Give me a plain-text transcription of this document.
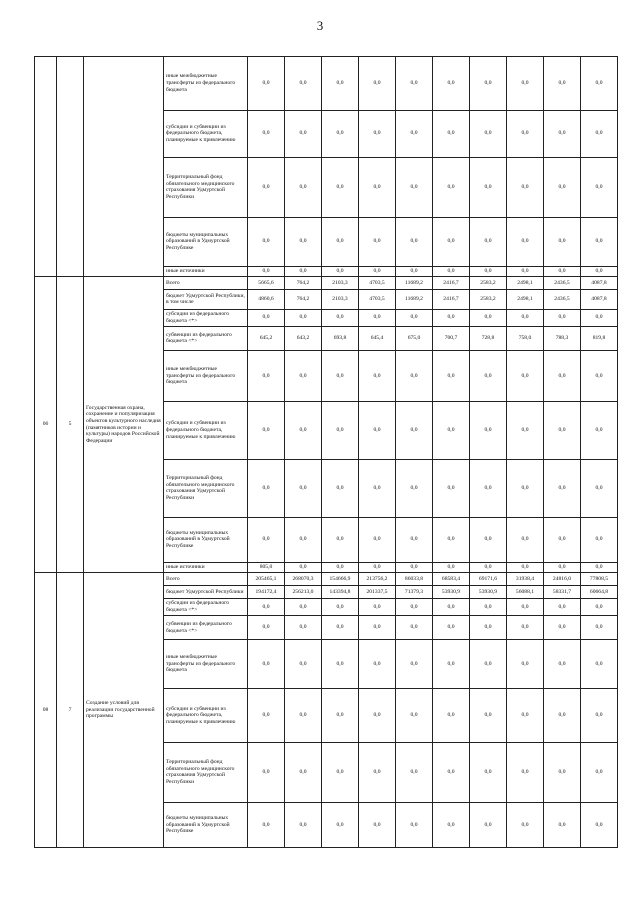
3
			иные межбюджетные трансферты из федерального бюджета	0,0	0,0	0,0	0,0	0,0	0,0	0,0	0,0	0,0	0,0
			субсидии и субвенции из федерального бюджета, планируемые к привлечению	0,0	0,0	0,0	0,0	0,0	0,0	0,0	0,0	0,0	0,0
			Территориальный фонд обязательного медицинского страхования Удмуртской Республики	0,0	0,0	0,0	0,0	0,0	0,0	0,0	0,0	0,0	0,0
			бюджеты муниципальных образований в Удмуртской Республике	0,0	0,0	0,0	0,0	0,0	0,0	0,0	0,0	0,0	0,0
			иные источники	0,0	0,0	0,0	0,0	0,0	0,0	0,0	0,0	0,0	0,0
06	5	Государственная охрана, сохранение и популяризация объектов культурного наследия (памятников истории и культуры) народов Российской Федерации	Всего	5665,6	764,2	2103,3	4703,5	11689,2	2416,7	2583,2	2498,1	2436,5	4087,8
			бюджет Удмуртской Республики, в том числе	4860,6	764,2	2103,3	4703,5	11689,2	2416,7	2583,2	2498,1	2436,5	4087,8
			субсидии из федерального бюджета <*>	0,0	0,0	0,0	0,0	0,0	0,0	0,0	0,0	0,0	0,0
			субвенции из федерального бюджета <*>	645,2	643,2	693,8	645,4	675,0	700,7	728,8	758,0	788,3	819,8
			иные межбюджетные трансферты из федерального бюджета	0,0	0,0	0,0	0,0	0,0	0,0	0,0	0,0	0,0	0,0
			субсидии и субвенции из федерального бюджета, планируемые к привлечению	0,0	0,0	0,0	0,0	0,0	0,0	0,0	0,0	0,0	0,0
			Территориальный фонд обязательного медицинского страхования Удмуртской Республики	0,0	0,0	0,0	0,0	0,0	0,0	0,0	0,0	0,0	0,0
			бюджеты муниципальных образований в Удмуртской Республике	0,0	0,0	0,0	0,0	0,0	0,0	0,0	0,0	0,0	0,0
			иные источники	805,0	0,0	0,0	0,0	0,0	0,0	0,0	0,0	0,0	0,0
08	7	Создание условий для реализации государственной программы	Всего	205465,1	268070,3	154666,9	213756,2	86033,8	68583,4	69171,6	31938,4	24816,0	77808,5
			бюджет Удмуртской Республики	194172,4	256213,0	143394,8	201337,5	71379,3	53930,9	53930,9	56088,1	58331,7	60664,8
			субсидии из федерального бюджета <*>	0,0	0,0	0,0	0,0	0,0	0,0	0,0	0,0	0,0	0,0
			субвенции из федерального бюджета <*>	0,0	0,0	0,0	0,0	0,0	0,0	0,0	0,0	0,0	0,0
			иные межбюджетные трансферты из федерального бюджета	0,0	0,0	0,0	0,0	0,0	0,0	0,0	0,0	0,0	0,0
			субсидии и субвенции из федерального бюджета, планируемые к привлечению	0,0	0,0	0,0	0,0	0,0	0,0	0,0	0,0	0,0	0,0
			Территориальный фонд обязательного медицинского страхования Удмуртской Республики	0,0	0,0	0,0	0,0	0,0	0,0	0,0	0,0	0,0	0,0
			бюджеты муниципальных образований в Удмуртской Республике	0,0	0,0	0,0	0,0	0,0	0,0	0,0	0,0	0,0	0,0
